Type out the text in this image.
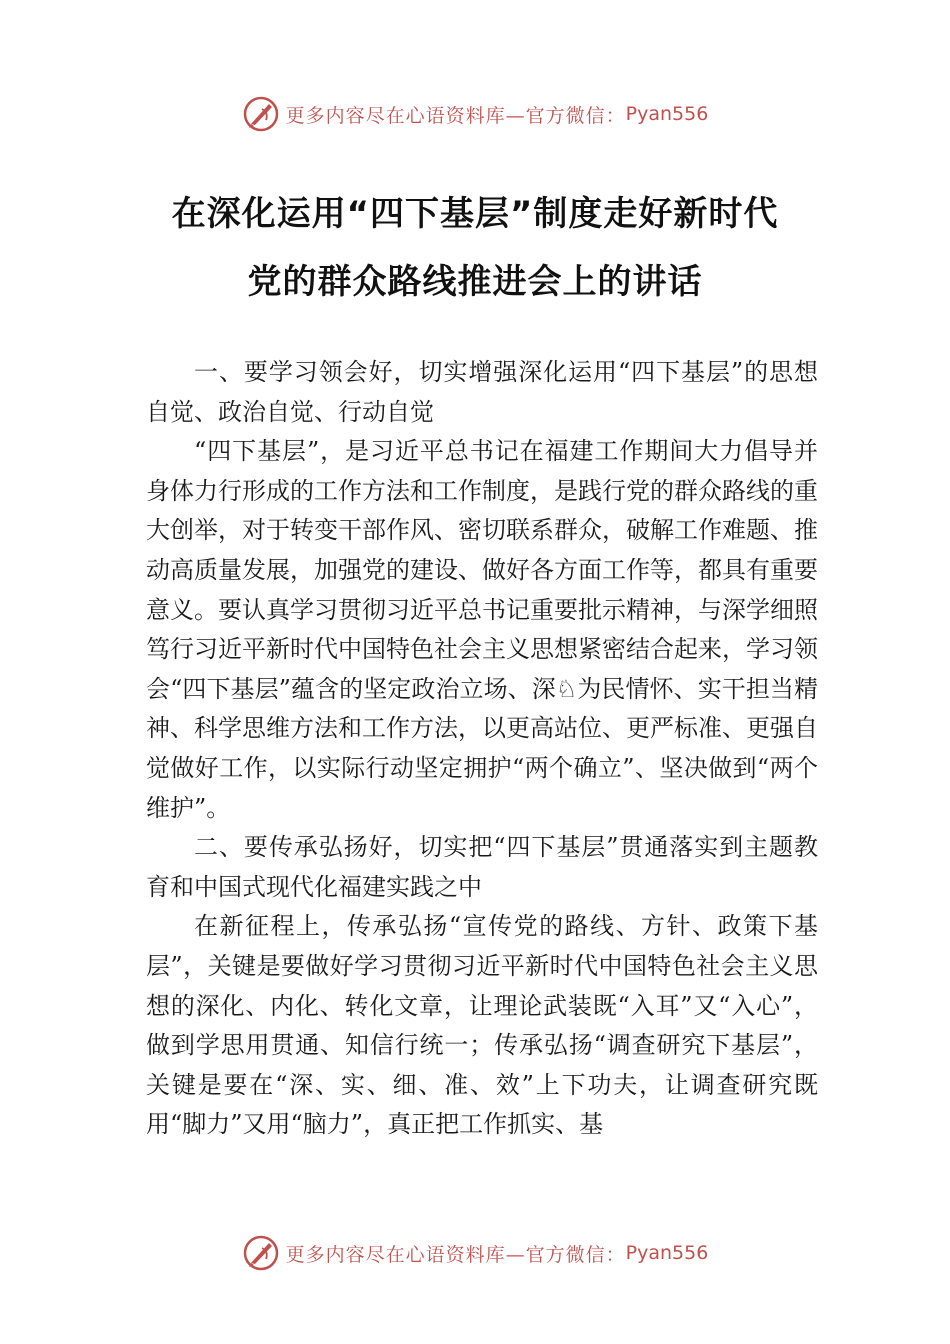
更多内容尽在心语资料库—官方微信： Pyan556
在深化运用“四下基层”制度走好新时代
党的群众路线推进会上的讲话

一、要学习领会好，切实增强深化运用“四下基层”的思想自觉、政治自觉、行动自觉

“四下基层”，是习近平总书记在福建工作期间大力倡导并身体力行形成的工作方法和工作制度，是践行党的群众路线的重大创举，对于转变干部作风、密切联系群众，破解工作难题、推动高质量发展，加强党的建设、做好各方面工作等，都具有重要意义。要认真学习贯彻习近平总书记重要批示精神，与深学细照笃行习近平新时代中国特色社会主义思想紧密结合起来，学习领会“四下基层”蕴含的坚定政治立场、深♘为民情怀、实干担当精神、科学思维方法和工作方法，以更高站位、更严标准、更强自觉做好工作，以实际行动坚定拥护“两个确立”、坚决做到“两个维护”。

二、要传承弘扬好，切实把“四下基层”贯通落实到主题教育和中国式现代化福建实践之中

在新征程上，传承弘扬“宣传党的路线、方针、政策下基层”，关键是要做好学习贯彻习近平新时代中国特色社会主义思想的深化、内化、转化文章，让理论武装既“入耳”又“入心”，做到学思用贯通、知信行统一；传承弘扬“调查研究下基层”，关键是要在“深、实、细、准、效”上下功夫，让调查研究既用“脚力”又用“脑力”，真正把工作抓实、基

更多内容尽在心语资料库—官方微信： Pyan556
